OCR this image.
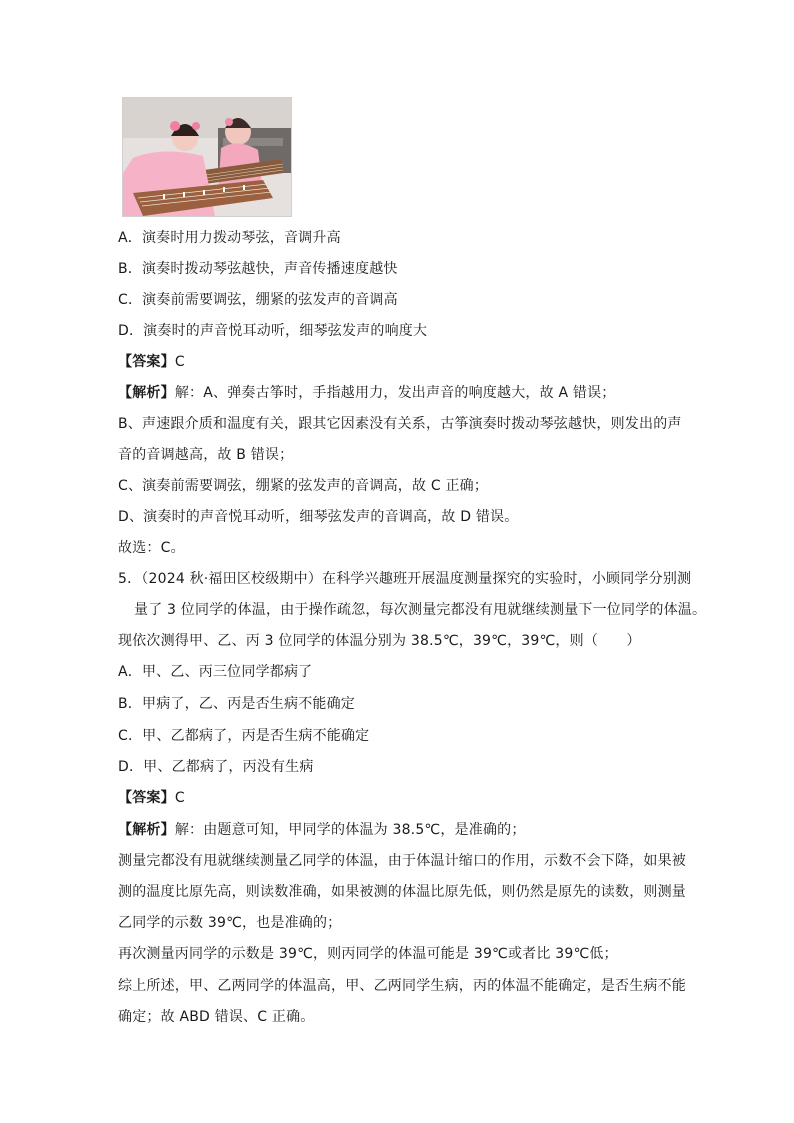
A．演奏时用力拨动琴弦，音调升高
B．演奏时拨动琴弦越快，声音传播速度越快
C．演奏前需要调弦，绷紧的弦发声的音调高
D．演奏时的声音悦耳动听，细琴弦发声的响度大
【答案】C
【解析】解：A、弹奏古筝时，手指越用力，发出声音的响度越大，故 A 错误；
B、声速跟介质和温度有关，跟其它因素没有关系，古筝演奏时拨动琴弦越快，则发出的声
音的音调越高，故 B 错误；
C、演奏前需要调弦，绷紧的弦发声的音调高，故 C 正确；
D、演奏时的声音悦耳动听，细琴弦发声的音调高，故 D 错误。
故选：C。
5．（2024 秋·福田区校级期中）在科学兴趣班开展温度测量探究的实验时，小顾同学分别测
量了 3 位同学的体温，由于操作疏忽，每次测量完都没有甩就继续测量下一位同学的体温。
现依次测得甲、乙、丙 3 位同学的体温分别为 38.5℃，39℃，39℃，则（　　）
A．甲、乙、丙三位同学都病了
B．甲病了，乙、丙是否生病不能确定
C．甲、乙都病了，丙是否生病不能确定
D．甲、乙都病了，丙没有生病
【答案】C
【解析】解：由题意可知，甲同学的体温为 38.5℃，是准确的；
测量完都没有甩就继续测量乙同学的体温，由于体温计缩口的作用，示数不会下降，如果被
测的温度比原先高，则读数准确，如果被测的体温比原先低，则仍然是原先的读数，则测量
乙同学的示数 39℃，也是准确的；
再次测量丙同学的示数是 39℃，则丙同学的体温可能是 39℃或者比 39℃低；
综上所述，甲、乙两同学的体温高，甲、乙两同学生病，丙的体温不能确定，是否生病不能
确定；故 ABD 错误、C 正确。
